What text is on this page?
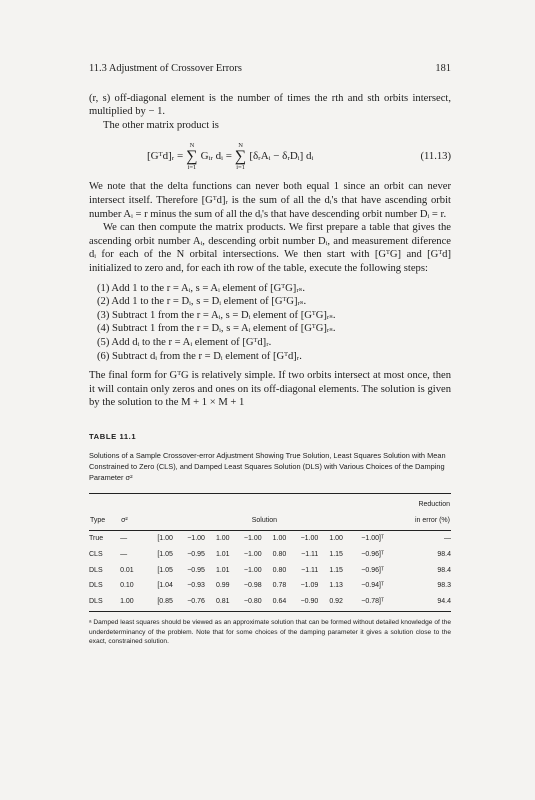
11.3 Adjustment of Crossover Errors	181

(r, s) off-diagonal element is the number of times the rth and sth orbits intersect, multiplied by − 1.

The other matrix product is

[Gᵀd]ᵣ =
N
∑
i=1
Gᵢᵣ dᵢ =
N
∑
i=1
[δᵣAᵢ − δᵣDᵢ] dᵢ	(11.13)

We note that the delta functions can never both equal 1 since an orbit can never intersect itself. Therefore [Gᵀd]ᵣ is the sum of all the dᵢ's that have ascending orbit number Aᵢ = r minus the sum of all the dᵢ's that have descending orbit number Dᵢ = r.

We can then compute the matrix products. We first prepare a table that gives the ascending orbit number Aᵢ, descending orbit number Dᵢ, and measurement diference dᵢ for each of the N orbital intersections. We then start with [GᵀG] and [Gᵀd] initialized to zero and, for each ith row of the table, execute the following steps:

(1) Add 1 to the r = Aᵢ, s = Aᵢ element of [GᵀG]ᵣₛ.
(2) Add 1 to the r = Dᵢ, s = Dᵢ element of [GᵀG]ᵣₛ.
(3) Subtract 1 from the r = Aᵢ, s = Dᵢ element of [GᵀG]ᵣₛ.
(4) Subtract 1 from the r = Dᵢ, s = Aᵢ element of [GᵀG]ᵣₛ.
(5) Add dᵢ to the r = Aᵢ element of [Gᵀd]ᵣ.
(6) Subtract dᵢ from the r = Dᵢ element of [Gᵀd]ᵣ.

The final form for GᵀG is relatively simple. If two orbits intersect at most once, then it will contain only zeros and ones on its off-diagonal elements. The solution is given by the solution to the M + 1 × M + 1

TABLE 11.1
Solutions of a Sample Crossover-error Adjustment Showing True Solution, Least Squares Solution with Mean Constrained to Zero (CLS), and Damped Least Squares Solution (DLS) with Various Choices of the Damping Parameter σ²
										Reduction
Type	σ²	Solution								in error (%)
True	—	[1.00	−1.00	1.00	−1.00	1.00	−1.00	1.00	−1.00]ᵀ	—
CLS	—	[1.05	−0.95	1.01	−1.00	0.80	−1.11	1.15	−0.96]ᵀ	98.4
DLS	0.01	[1.05	−0.95	1.01	−1.00	0.80	−1.11	1.15	−0.96]ᵀ	98.4
DLS	0.10	[1.04	−0.93	0.99	−0.98	0.78	−1.09	1.13	−0.94]ᵀ	98.3
DLS	1.00	[0.85	−0.76	0.81	−0.80	0.64	−0.90	0.92	−0.78]ᵀ	94.4
ᵃ Damped least squares should be viewed as an approximate solution that can be formed without detailed knowledge of the underdeterminancy of the problem. Note that for some choices of the damping parameter it gives a solution close to the exact, constrained solution.
